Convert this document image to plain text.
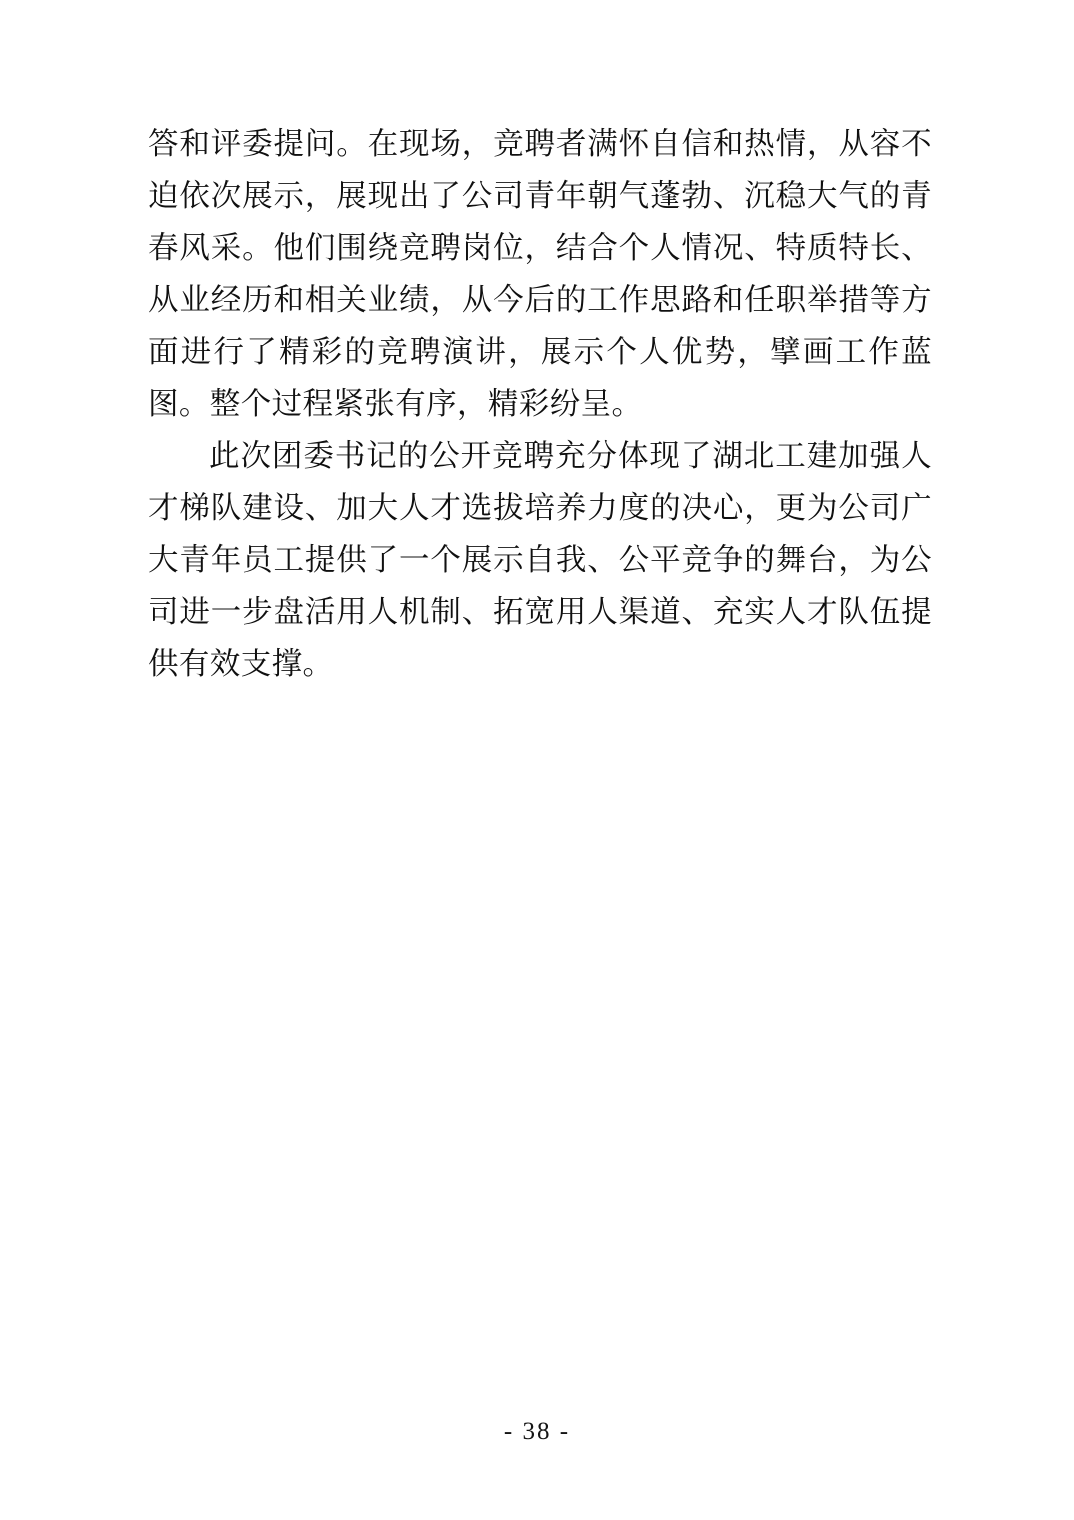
答和评委提问。在现场，竞聘者满怀自信和热情，从容不迫依次展示，展现出了公司青年朝气蓬勃、沉稳大气的青春风采。他们围绕竞聘岗位，结合个人情况、特质特长、从业经历和相关业绩，从今后的工作思路和任职举措等方面进行了精彩的竞聘演讲，展示个人优势，擘画工作蓝图。整个过程紧张有序，精彩纷呈。

此次团委书记的公开竞聘充分体现了湖北工建加强人才梯队建设、加大人才选拔培养力度的决心，更为公司广大青年员工提供了一个展示自我、公平竞争的舞台，为公司进一步盘活用人机制、拓宽用人渠道、充实人才队伍提供有效支撑。

- 38 -
